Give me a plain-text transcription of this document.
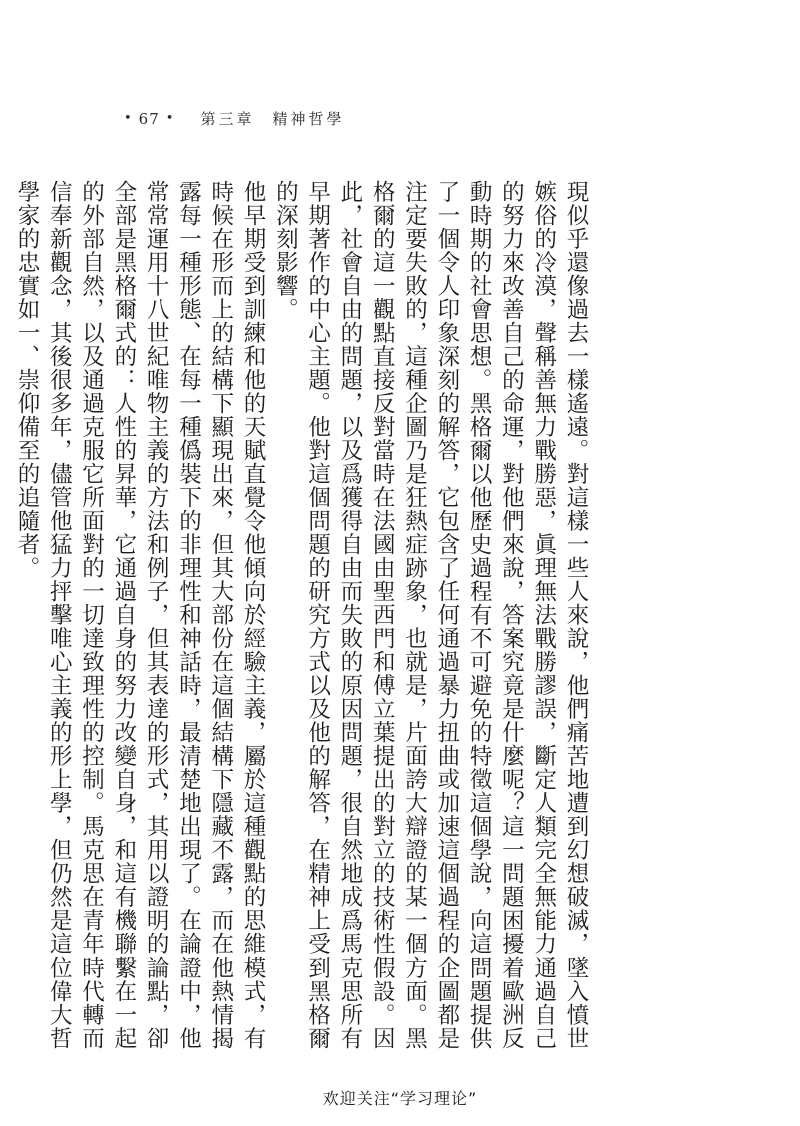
• 67 • 第三章　精神哲學

現似乎還像過去一樣遙遠。對這樣一些人來說，他們痛苦地遭到幻想破滅，墜入憤世嫉俗的冷漠，聲稱善無力戰勝惡，眞理無法戰勝謬誤，斷定人類完全無能力通過自己的努力來改善自己的命運，對他們來說，答案究竟是什麼呢？這一問題困擾着歐洲反動時期的社會思想。黑格爾以他歷史過程有不可避免的特徵這個學說，向這問題提供了一個令人印象深刻的解答，它包含了任何通過暴力扭曲或加速這個過程的企圖都是注定要失敗的，這種企圖乃是狂熱症跡象，也就是，片面誇大辯證的某一個方面。黑格爾的這一觀點直接反對當時在法國由聖西門和傅立葉提出的對立的技術性假設。因此，社會自由的問題，以及爲獲得自由而失敗的原因問題，很自然地成爲馬克思所有早期著作的中心主題。他對這個問題的研究方式以及他的解答，在精神上受到黑格爾的深刻影響。

他早期受到訓練和他的天賦直覺令他傾向於經驗主義，屬於這種觀點的思維模式，有時候在形而上的結構下顯現出來，但其大部份在這個結構下隱藏不露，而在他熱情揭露每一種形態、在每一種僞裝下的非理性和神話時，最清楚地出現了。在論證中，他常常運用十八世紀唯物主義的方法和例子，但其表達的形式，其用以證明的論點，卻全部是黑格爾式的：人性的昇華，它通過自身的努力改變自身，和這有機聯繫在一起的外部自然，以及通過克服它所面對的一切達致理性的控制。馬克思在青年時代轉而信奉新觀念，其後很多年，儘管他猛力抨擊唯心主義的形上學，但仍然是這位偉大哲學家的忠實如一、崇仰備至的追隨者。

欢迎关注“学习理论”
